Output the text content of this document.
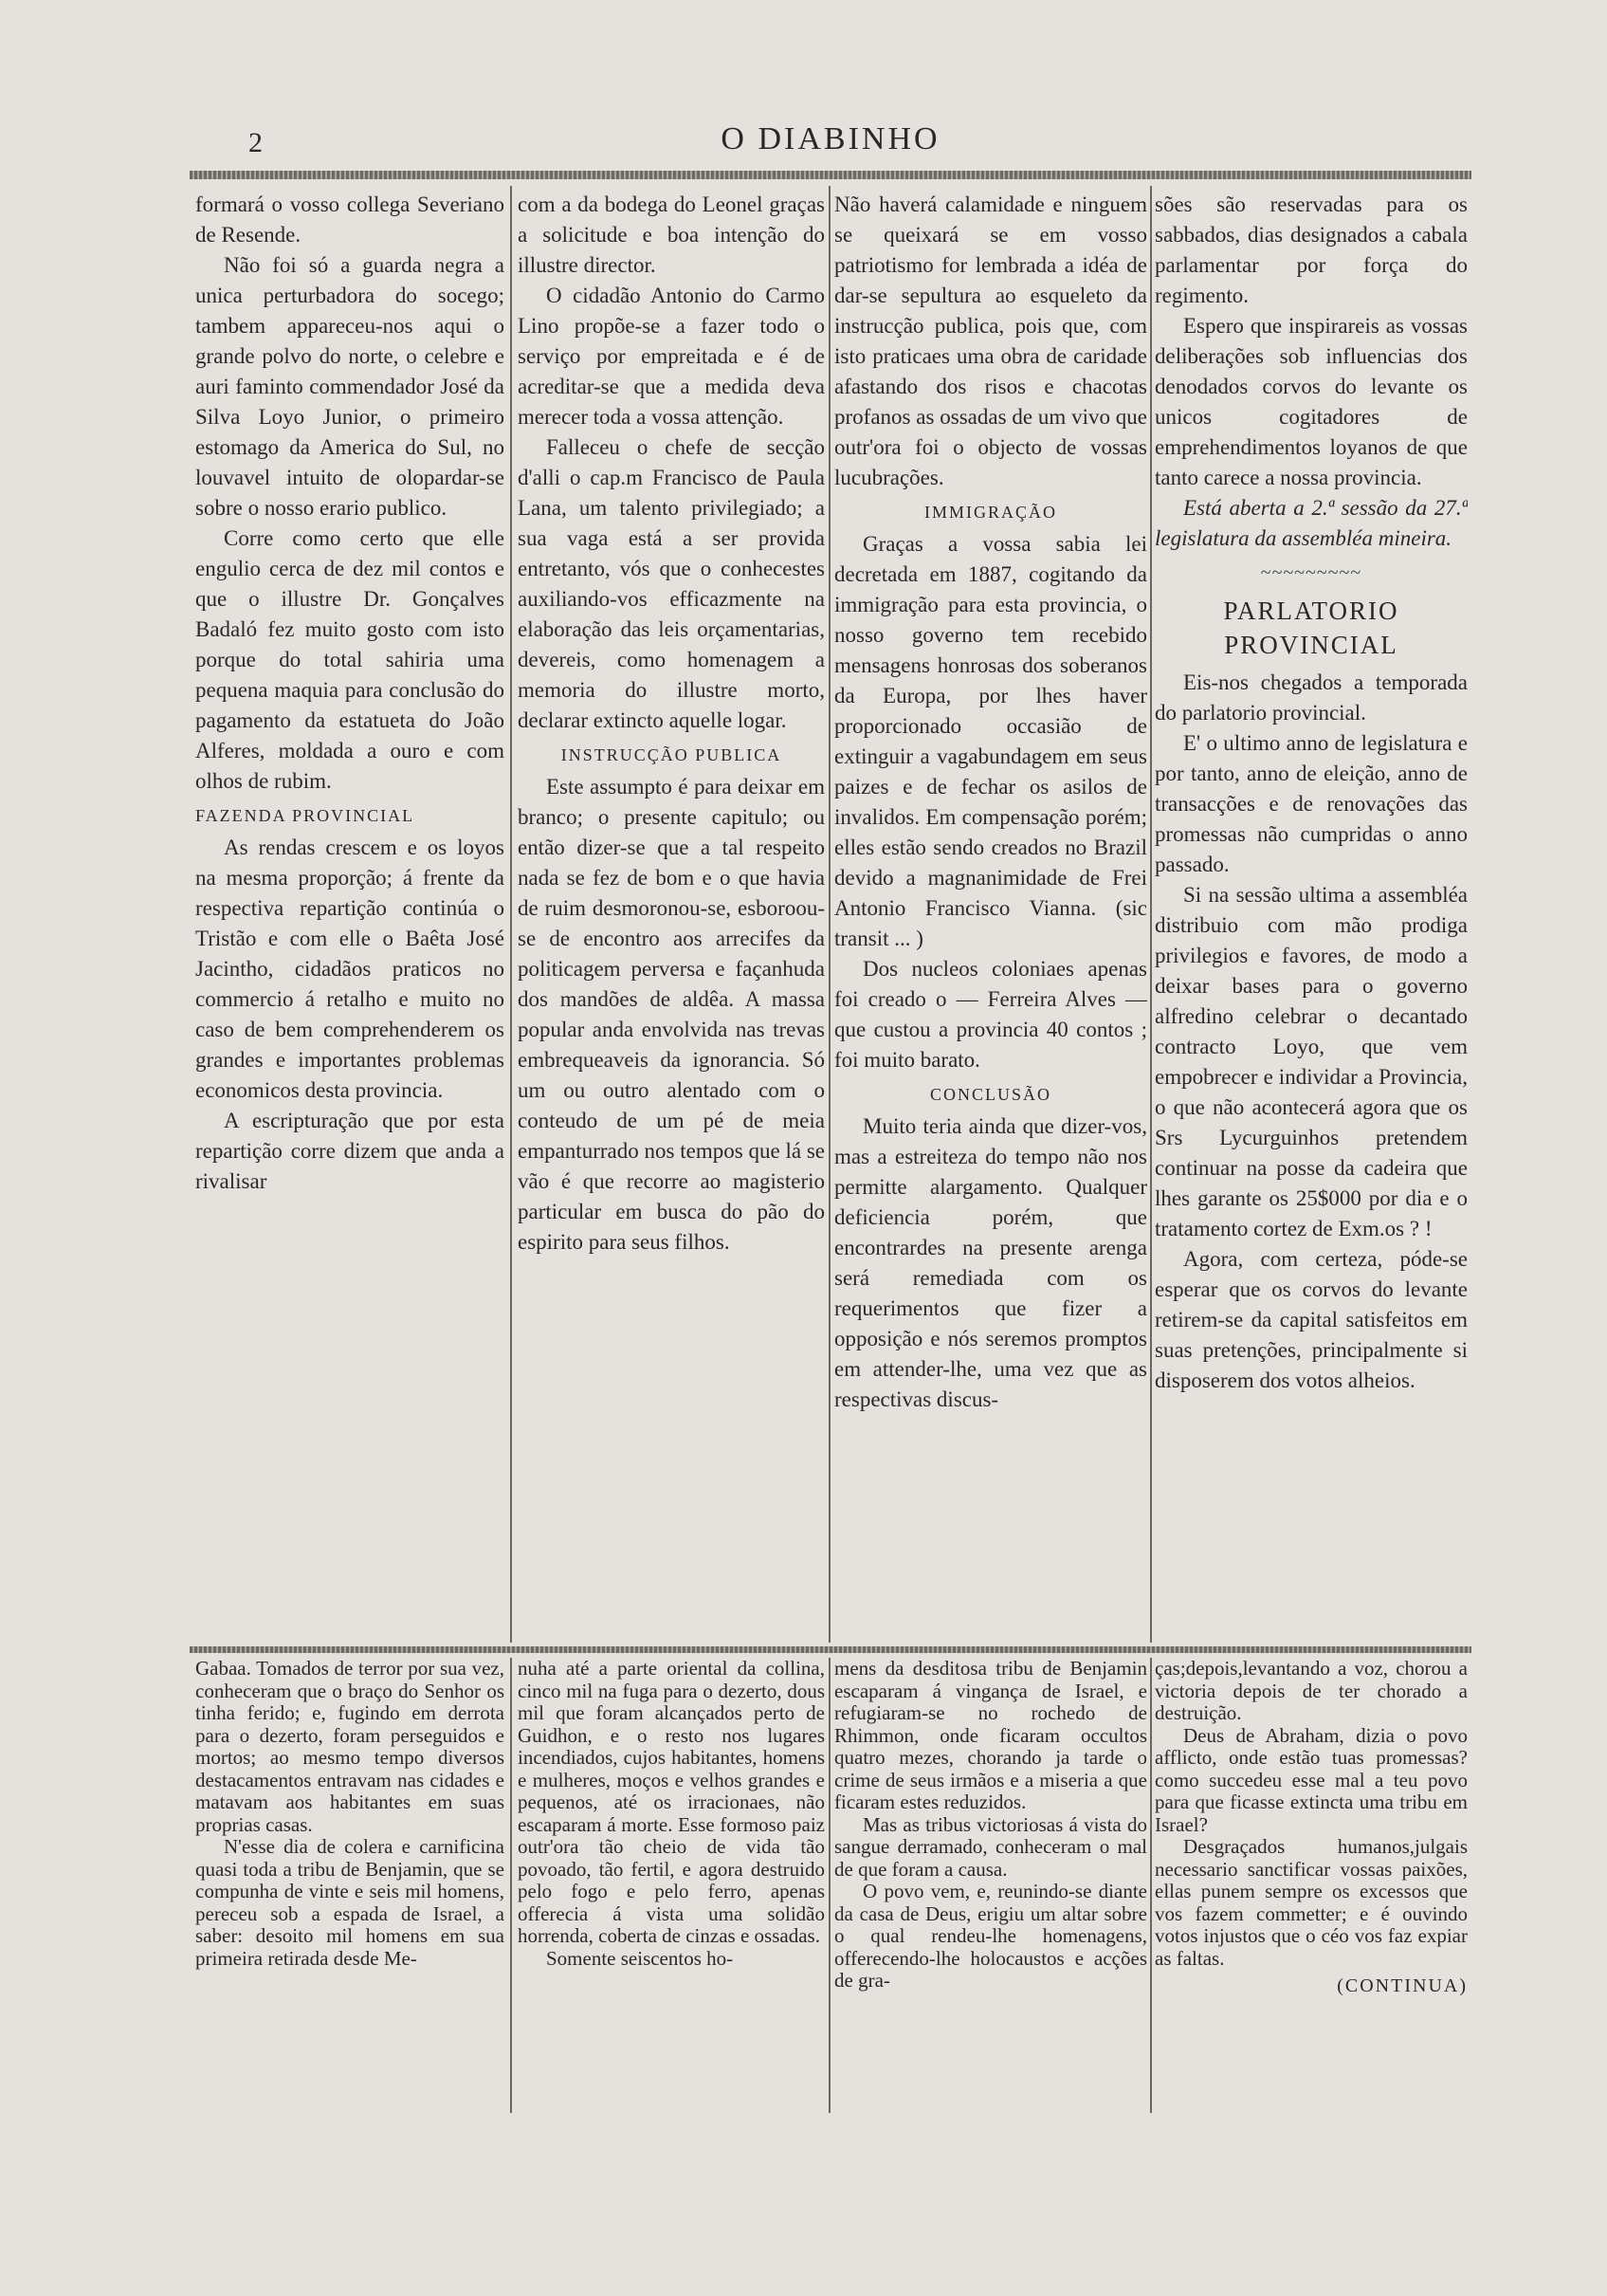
2	O DIABINHO

formará o vosso collega Severiano de Resende.

Não foi só a guarda negra a unica perturbadora do socego; tambem appareceu-nos aqui o grande polvo do norte, o celebre e auri faminto commendador José da Silva Loyo Junior, o primeiro estomago da America do Sul, no louvavel intuito de olopardar-se sobre o nosso erario publico.

Corre como certo que elle engulio cerca de dez mil contos e que o illustre Dr. Gonçalves Badaló fez muito gosto com isto porque do total sahiria uma pequena maquia para conclusão do pagamento da estatueta do João Alferes, moldada a ouro e com olhos de rubim.

FAZENDA PROVINCIAL

As rendas crescem e os loyos na mesma proporção; á frente da respectiva repartição continúa o Tristão e com elle o Baêta José Jacintho, cidadãos praticos no commercio á retalho e muito no caso de bem comprehenderem os grandes e importantes problemas economicos desta provincia.

A escripturação que por esta repartição corre dizem que anda a rivalisar

com a da bodega do Leonel graças a solicitude e boa intenção do illustre director.

O cidadão Antonio do Carmo Lino propõe-se a fazer todo o serviço por empreitada e é de acreditar-se que a medida deva merecer toda a vossa attenção.

Falleceu o chefe de secção d'alli o cap.m Francisco de Paula Lana, um talento privilegiado; a sua vaga está a ser provida entretanto, vós que o conhecestes auxiliando-vos efficazmente na elaboração das leis orçamentarias, devereis, como homenagem a memoria do illustre morto, declarar extincto aquelle logar.

INSTRUCÇÃO PUBLICA

Este assumpto é para deixar em branco; o presente capitulo; ou então dizer-se que a tal respeito nada se fez de bom e o que havia de ruim desmoronou-se, esboroou-se de encontro aos arrecifes da politicagem perversa e façanhuda dos mandões de aldêa. A massa popular anda envolvida nas trevas embrequeaveis da ignorancia. Só um ou outro alentado com o conteudo de um pé de meia empanturrado nos tempos que lá se vão é que recorre ao magisterio particular em busca do pão do espirito para seus filhos.

Não haverá calamidade e ninguem se queixará se em vosso patriotismo for lembrada a idéa de dar-se sepultura ao esqueleto da instrucção publica, pois que, com isto praticaes uma obra de caridade afastando dos risos e chacotas profanos as ossadas de um vivo que outr'ora foi o objecto de vossas lucubrações.

IMMIGRAÇÃO

Graças a vossa sabia lei decretada em 1887, cogitando da immigração para esta provincia, o nosso governo tem recebido mensagens honrosas dos soberanos da Europa, por lhes haver proporcionado occasião de extinguir a vagabundagem em seus paizes e de fechar os asilos de invalidos. Em compensação porém; elles estão sendo creados no Brazil devido a magnanimidade de Frei Antonio Francisco Vianna. (sic transit ... )

Dos nucleos coloniaes apenas foi creado o — Ferreira Alves — que custou a provincia 40 contos ; foi muito barato.

CONCLUSÃO

Muito teria ainda que dizer-vos, mas a estreiteza do tempo não nos permitte alargamento. Qualquer deficiencia porém, que encontrardes na presente arenga será remediada com os requerimentos que fizer a opposição e nós seremos promptos em attender-lhe, uma vez que as respectivas discus-

sões são reservadas para os sabbados, dias designados a cabala parlamentar por força do regimento.

Espero que inspirareis as vossas deliberações sob influencias dos denodados corvos do levante os unicos cogitadores de emprehendimentos loyanos de que tanto carece a nossa provincia.

Está aberta a 2.ª sessão da 27.ª legislatura da assembléa mineira.

~~~~~~~~~
PARLATORIO PROVINCIAL

Eis-nos chegados a temporada do parlatorio provincial.

E' o ultimo anno de legislatura e por tanto, anno de eleição, anno de transacções e de renovações das promessas não cumpridas o anno passado.

Si na sessão ultima a assembléa distribuio com mão prodiga privilegios e favores, de modo a deixar bases para o governo alfredino celebrar o decantado contracto Loyo, que vem empobrecer e individar a Provincia, o que não acontecerá agora que os Srs Lycurguinhos pretendem continuar na posse da cadeira que lhes garante os 25$000 por dia e o tratamento cortez de Exm.os ? !

Agora, com certeza, póde-se esperar que os corvos do levante retirem-se da capital satisfeitos em suas pretenções, principalmente si disposerem dos votos alheios.

Gabaa. Tomados de terror por sua vez, conheceram que o braço do Senhor os tinha ferido; e, fugindo em derrota para o dezerto, foram perseguidos e mortos; ao mesmo tempo diversos destacamentos entravam nas cidades e matavam aos habitantes em suas proprias casas.

N'esse dia de colera e carnificina quasi toda a tribu de Benjamin, que se compunha de vinte e seis mil homens, pereceu sob a espada de Israel, a saber: desoito mil homens em sua primeira retirada desde Me-

nuha até a parte oriental da collina, cinco mil na fuga para o dezerto, dous mil que foram alcançados perto de Guidhon, e o resto nos lugares incendiados, cujos habitantes, homens e mulheres, moços e velhos grandes e pequenos, até os irracionaes, não escaparam á morte. Esse formoso paiz outr'ora tão cheio de vida tão povoado, tão fertil, e agora destruido pelo fogo e pelo ferro, apenas offerecia á vista uma solidão horrenda, coberta de cinzas e ossadas.

Somente seiscentos ho-

mens da desditosa tribu de Benjamin escaparam á vingança de Israel, e refugiaram-se no rochedo de Rhimmon, onde ficaram occultos quatro mezes, chorando ja tarde o crime de seus irmãos e a miseria a que ficaram estes reduzidos.

Mas as tribus victoriosas á vista do sangue derramado, conheceram o mal de que foram a causa.

O povo vem, e, reunindo-se diante da casa de Deus, erigiu um altar sobre o qual rendeu-lhe homenagens, offerecendo-lhe holocaustos e acções de gra-

ças;depois,levantando a voz, chorou a victoria depois de ter chorado a destruição.

Deus de Abraham, dizia o povo afflicto, onde estão tuas promessas? como succedeu esse mal a teu povo para que ficasse extincta uma tribu em Israel?

Desgraçados humanos,julgais necessario sanctificar vossas paixões, ellas punem sempre os excessos que vos fazem commetter; e é ouvindo votos injustos que o céo vos faz expiar as faltas.

(CONTINUA)
